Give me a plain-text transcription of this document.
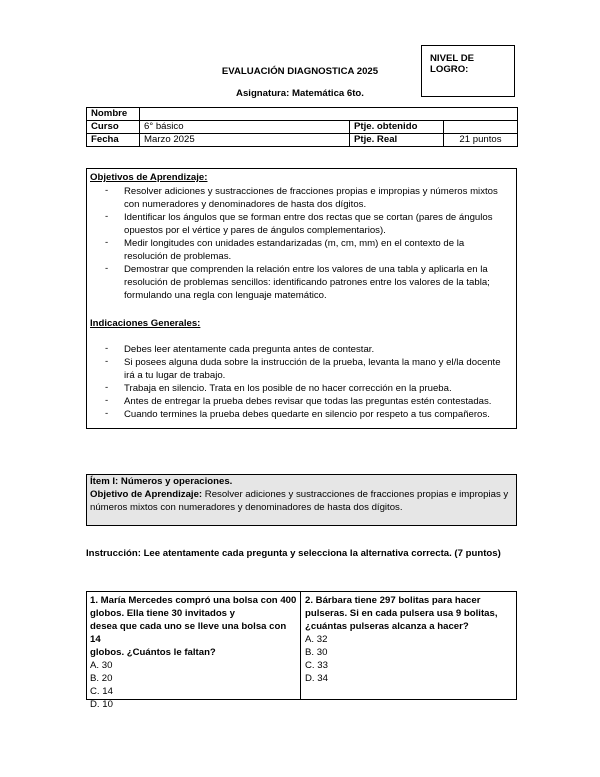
NIVEL DE LOGRO:
EVALUACIÓN DIAGNOSTICA 2025
Asignatura: Matemática 6to.
Nombre			
Curso	6° básico	Ptje. obtenido	
Fecha	Marzo 2025	Ptje. Real	21 puntos
Objetivos de Aprendizaje:
- Resolver adiciones y sustracciones de fracciones propias e impropias y números mixtos
con numeradores y denominadores de hasta dos dígitos.
- Identificar los ángulos que se forman entre dos rectas que se cortan (pares de ángulos
opuestos por el vértice y pares de ángulos complementarios).
- Medir longitudes con unidades estandarizadas (m, cm, mm) en el contexto de la
resolución de problemas.
- Demostrar que comprenden la relación entre los valores de una tabla y aplicarla en la
resolución de problemas sencillos: identificando patrones entre los valores de la tabla;
formulando una regla con lenguaje matemático.
Indicaciones Generales:
- Debes leer atentamente cada pregunta antes de contestar.
- Si posees alguna duda sobre la instrucción de la prueba, levanta la mano y el/la docente
irá a tu lugar de trabajo.
- Trabaja en silencio. Trata en los posible de no hacer corrección en la prueba.
- Antes de entregar la prueba debes revisar que todas las preguntas estén contestadas.
- Cuando termines la prueba debes quedarte en silencio por respeto a tus compañeros.
Ítem I: Números y operaciones.
Objetivo de Aprendizaje: Resolver adiciones y sustracciones de fracciones propias e impropias y
números mixtos con numeradores y denominadores de hasta dos dígitos.
Instrucción: Lee atentamente cada pregunta y selecciona la alternativa correcta. (7 puntos)
1. María Mercedes compró una bolsa con 400
globos. Ella tiene 30 invitados y
desea que cada uno se lleve una bolsa con 14
globos. ¿Cuántos le faltan?
A. 30
B. 20
C. 14
D. 10
2. Bárbara tiene 297 bolitas para hacer
pulseras. Si en cada pulsera usa 9 bolitas,
¿cuántas pulseras alcanza a hacer?
A. 32
B. 30
C. 33
D. 34
